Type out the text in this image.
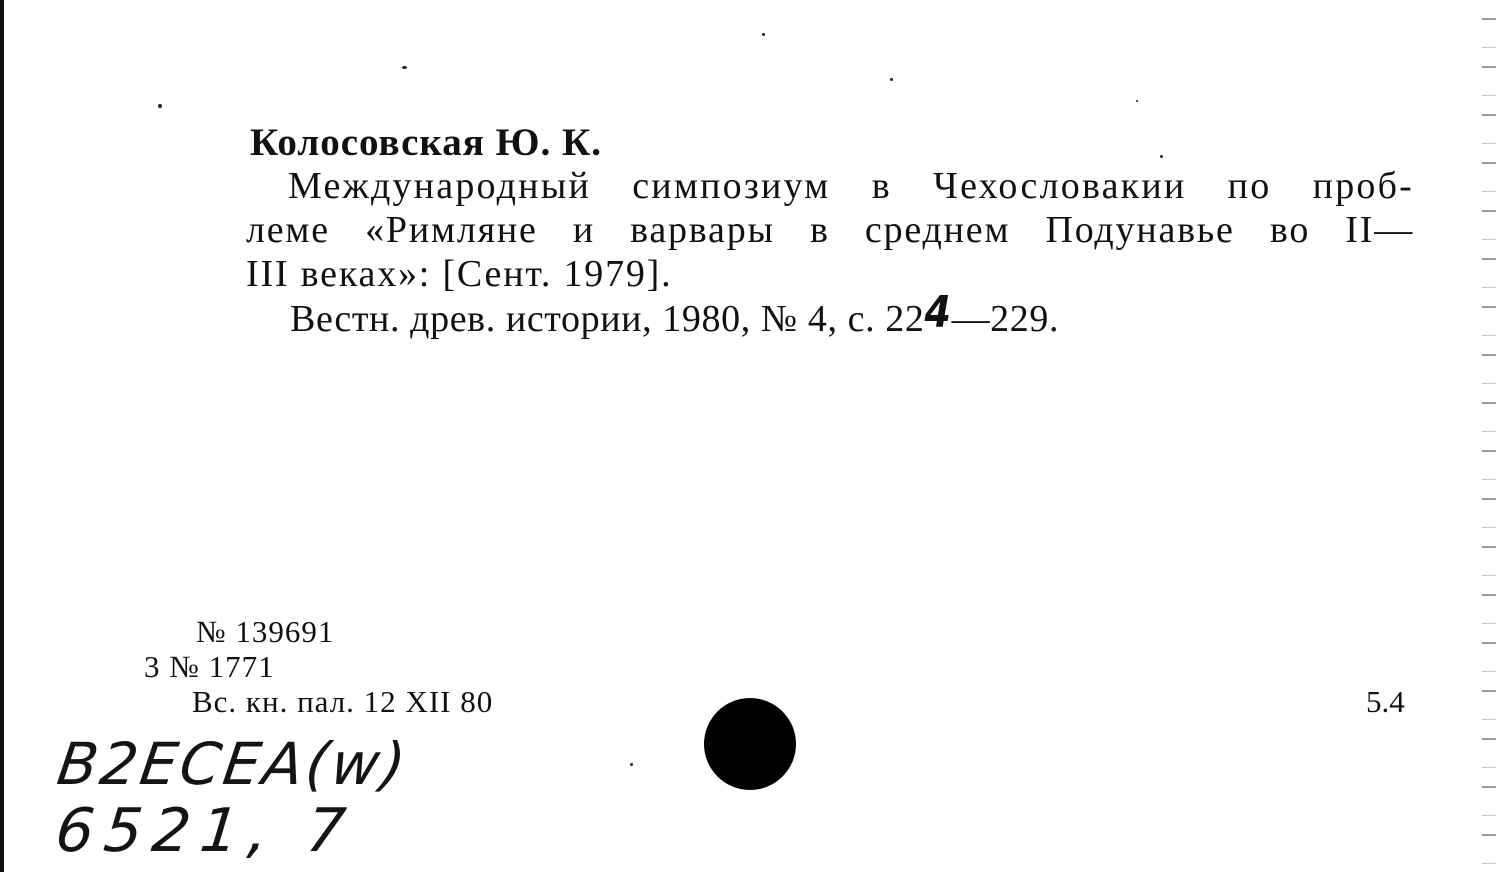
Колосовская Ю. К.
Международный симпозиум в Чехословакии по проб-
леме «Римляне и варвары в среднем Подунавье во II—
III веках»: [Сент. 1979].
Вестн. древ. истории, 1980, № 4, с. 224—229.
№ 139691
3 № 1771
Вс. кн. пал. 12 XII 80	5.4
B2ECEA(w)
6521, 7
